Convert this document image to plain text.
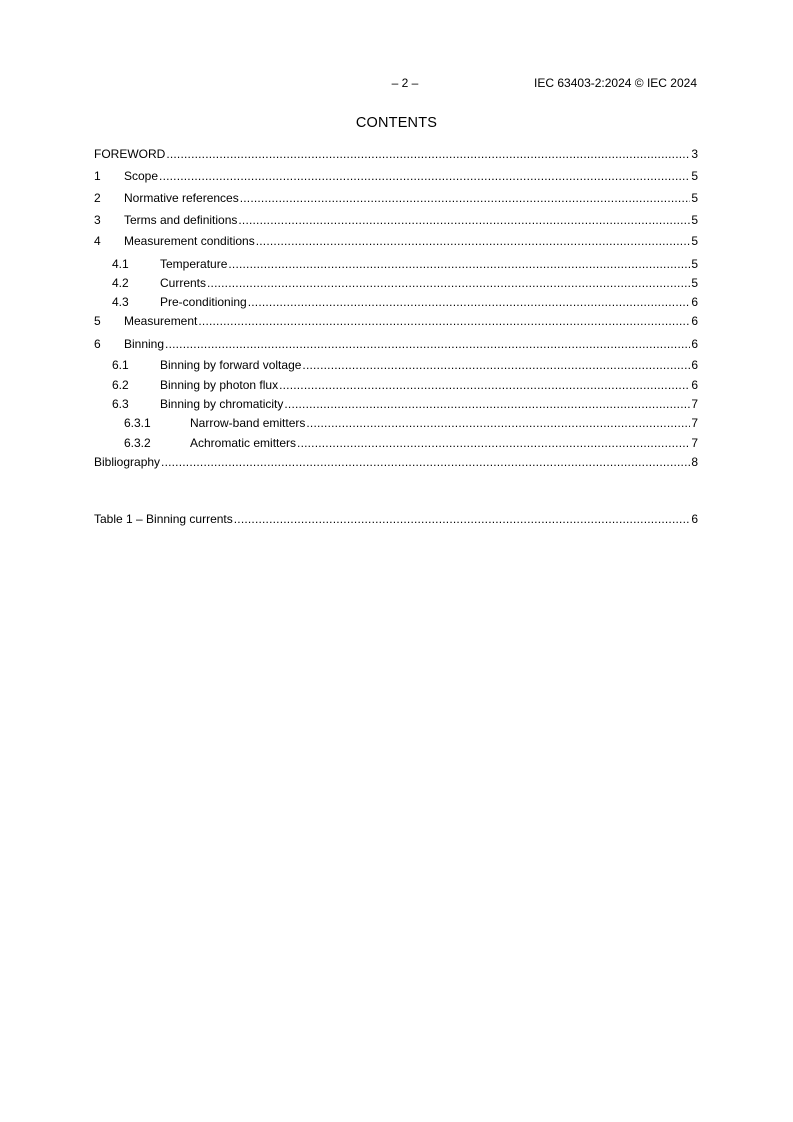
– 2 –	IEC 63403-2:2024 © IEC 2024
CONTENTS
FOREWORD .....	3
1	Scope .....	5
2	Normative references .....	5
3	Terms and definitions .....	5
4	Measurement conditions .....	5
4.1	Temperature .....	5
4.2	Currents .....	5
4.3	Pre-conditioning .....	6
5	Measurement .....	6
6	Binning .....	6
6.1	Binning by forward voltage .....	6
6.2	Binning by photon flux .....	6
6.3	Binning by chromaticity .....	7
6.3.1	Narrow-band emitters .....	7
6.3.2	Achromatic emitters .....	7
Bibliography .....	8
Table 1 – Binning currents .....	6
